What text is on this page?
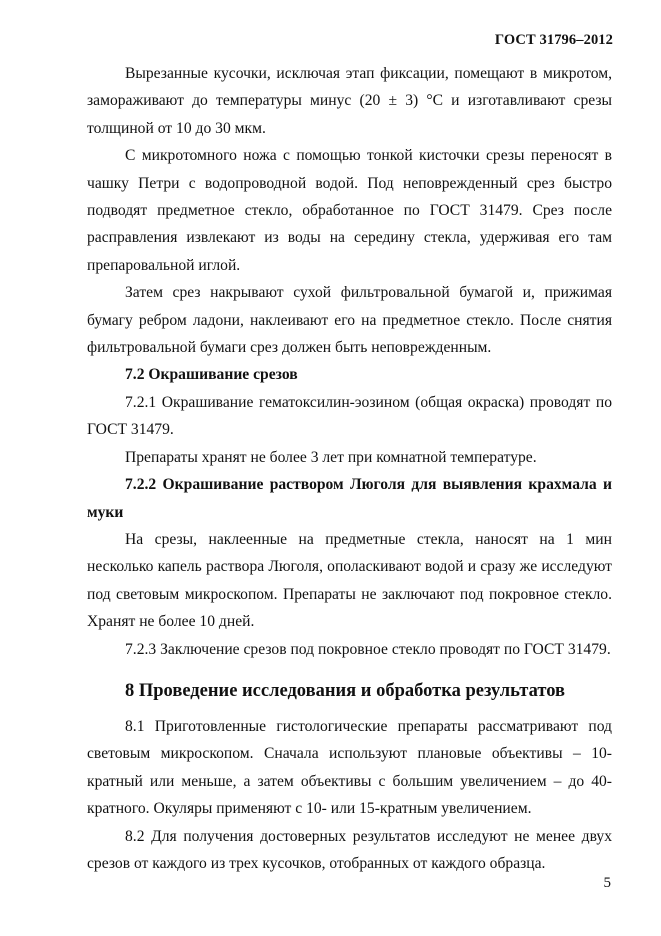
ГОСТ 31796–2012

Вырезанные кусочки, исключая этап фиксации, помещают в микротом, замораживают до температуры минус (20 ± 3) °С и изготавливают срезы толщиной от 10 до 30 мкм.

С микротомного ножа с помощью тонкой кисточки срезы переносят в чашку Петри с водопроводной водой. Под неповрежденный срез быстро подводят предметное стекло, обработанное по ГОСТ 31479. Срез после расправления извлекают из воды на середину стекла, удерживая его там препаровальной иглой.

Затем срез накрывают сухой фильтровальной бумагой и, прижимая бумагу ребром ладони, наклеивают его на предметное стекло. После снятия фильтровальной бумаги срез должен быть неповрежденным.

7.2 Окрашивание срезов

7.2.1 Окрашивание гематоксилин-эозином (общая окраска) проводят по ГОСТ 31479.

Препараты хранят не более 3 лет при комнатной температуре.

7.2.2 Окрашивание раствором Люголя для выявления крахмала и муки

На срезы, наклеенные на предметные стекла, наносят на 1 мин несколько капель раствора Люголя, ополаскивают водой и сразу же исследуют под световым микроскопом. Препараты не заключают под покровное стекло. Хранят не более 10 дней.

7.2.3 Заключение срезов под покровное стекло проводят по ГОСТ 31479.

8 Проведение исследования и обработка результатов

8.1 Приготовленные гистологические препараты рассматривают под световым микроскопом. Сначала используют плановые объективы – 10-кратный или меньше, а затем объективы с большим увеличением – до 40-кратного. Окуляры применяют с 10- или 15-кратным увеличением.

8.2 Для получения достоверных результатов исследуют не менее двух срезов от каждого из трех кусочков, отобранных от каждого образца.

5
